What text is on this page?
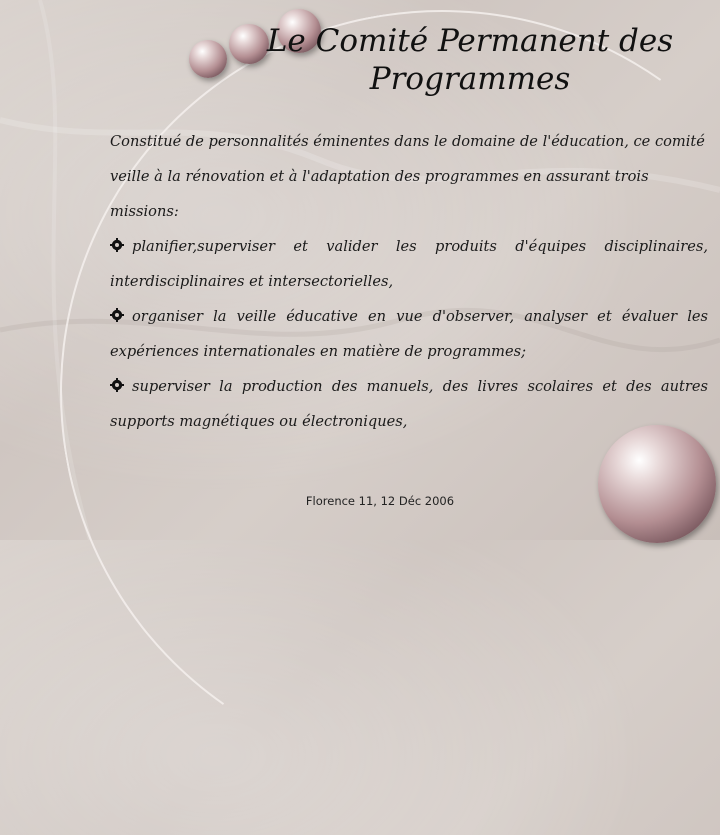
Le Comité Permanent des Programmes

Constitué de personnalités éminentes dans le domaine de l'éducation, ce comité veille à la rénovation et à l'adaptation des programmes en assurant trois missions:

planifier,superviser et valider les produits d'équipes disciplinaires, interdisciplinaires et intersectorielles,

organiser la veille éducative en vue d'observer, analyser et évaluer les expériences internationales en matière de programmes;

superviser la production des manuels, des livres scolaires et des autres supports magnétiques ou électroniques,

Florence 11, 12 Déc 2006
